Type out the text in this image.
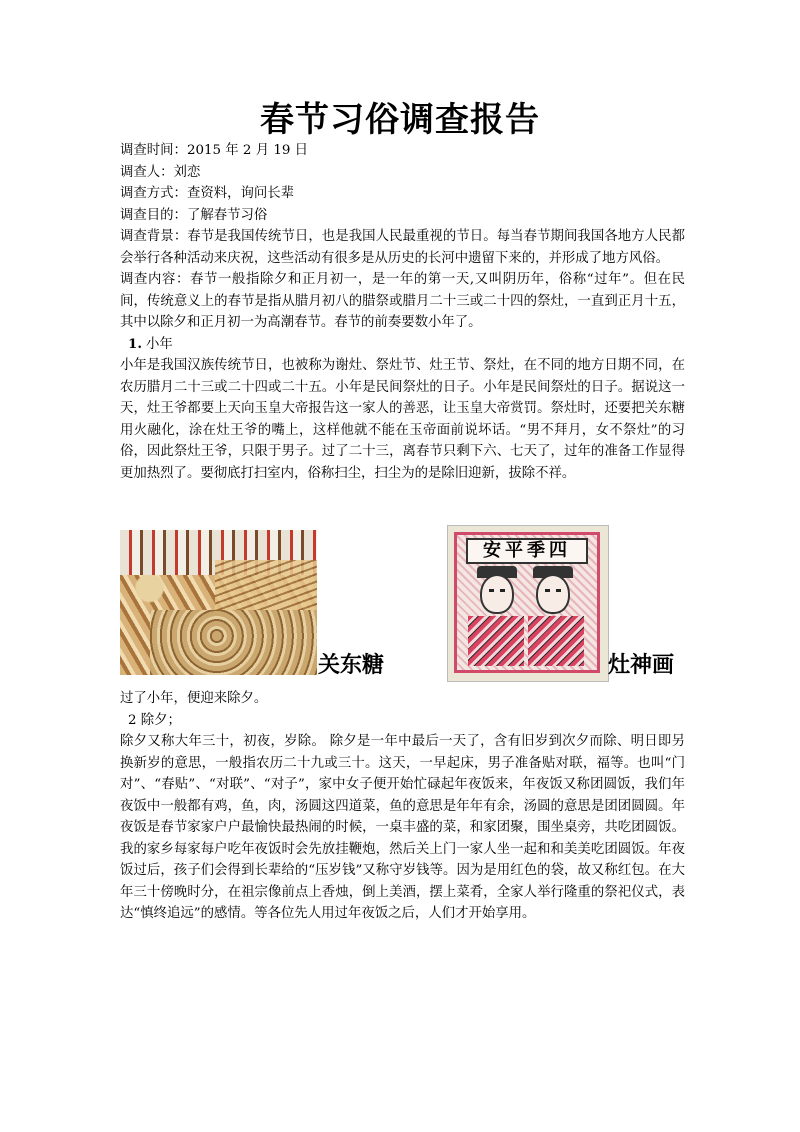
春节习俗调查报告
调查时间：2015 年 2 月 19 日
调查人：刘恋
调查方式：查资料，询问长辈
调查目的：了解春节习俗

调查背景：春节是我国传统节日，也是我国人民最重视的节日。每当春节期间我国各地方人民都会举行各种活动来庆祝，这些活动有很多是从历史的长河中遗留下来的，并形成了地方风俗。

调查内容：春节一般指除夕和正月初一，是一年的第一天,又叫阴历年，俗称“过年”。但在民间，传统意义上的春节是指从腊月初八的腊祭或腊月二十三或二十四的祭灶，一直到正月十五，其中以除夕和正月初一为高潮春节。春节的前奏要数小年了。

1. 小年

小年是我国汉族传统节日，也被称为谢灶、祭灶节、灶王节、祭灶，在不同的地方日期不同，在农历腊月二十三或二十四或二十五。小年是民间祭灶的日子。小年是民间祭灶的日子。据说这一天，灶王爷都要上天向玉皇大帝报告这一家人的善恶，让玉皇大帝赏罚。祭灶时，还要把关东糖用火融化，涂在灶王爷的嘴上，这样他就不能在玉帝面前说坏话。“男不拜月，女不祭灶”的习俗，因此祭灶王爷，只限于男子。过了二十三，离春节只剩下六、七天了，过年的准备工作显得更加热烈了。要彻底打扫室内，俗称扫尘，扫尘为的是除旧迎新，拔除不祥。

关东糖
安平季四
灶神画
过了小年，便迎来除夕。
2 除夕；

除夕又称大年三十，初夜，岁除。 除夕是一年中最后一天了，含有旧岁到次夕而除、明日即另换新岁的意思，一般指农历二十九或三十。这天，一早起床，男子准备贴对联，福等。也叫“门对”、“春贴”、“对联”、“对子”，家中女子便开始忙碌起年夜饭来，年夜饭又称团圆饭，我们年夜饭中一般都有鸡，鱼，肉，汤圆这四道菜，鱼的意思是年年有余，汤圆的意思是团团圆圆。年夜饭是春节家家户户最愉快最热闹的时候，一桌丰盛的菜，和家团聚，围坐桌旁，共吃团圆饭。我的家乡每家每户吃年夜饭时会先放挂鞭炮，然后关上门一家人坐一起和和美美吃团圆饭。年夜饭过后，孩子们会得到长辈给的“压岁钱”又称守岁钱等。因为是用红色的袋，故又称红包。在大年三十傍晚时分，在祖宗像前点上香烛，倒上美酒，摆上菜肴，全家人举行隆重的祭祀仪式，表达“慎终追远”的感情。等各位先人用过年夜饭之后，人们才开始享用。
